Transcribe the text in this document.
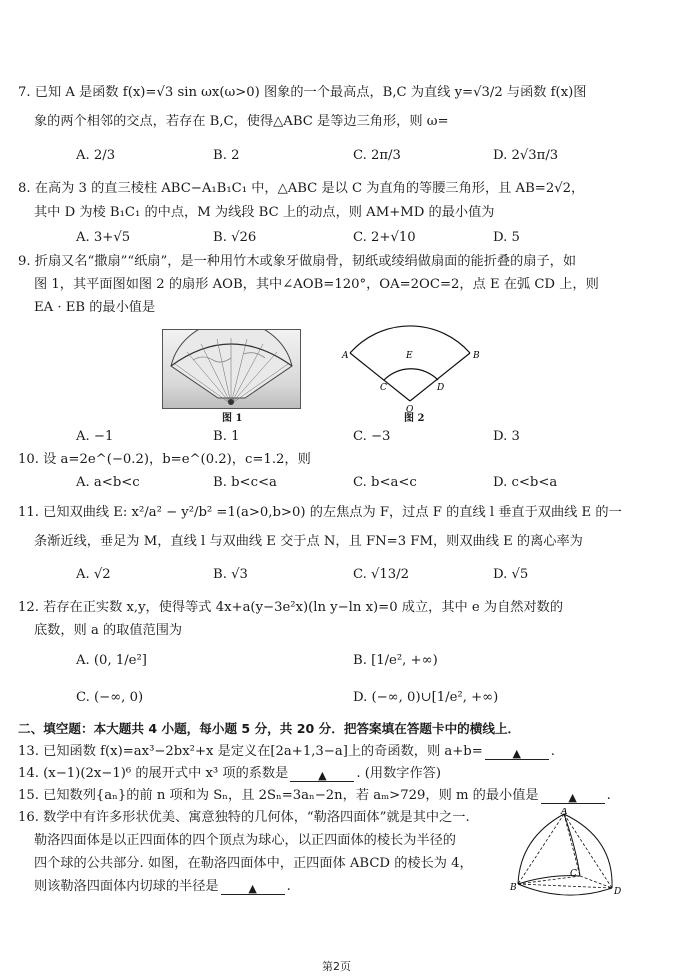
7. 已知 A 是函数 f(x)=√3 sin ωx(ω>0) 图象的一个最高点，B,C 为直线 y=√3/2 与函数 f(x)图
象的两个相邻的交点，若存在 B,C，使得△ABC 是等边三角形，则 ω=
A. 2/3	B. 2	C. 2π/3	D. 2√3π/3
8. 在高为 3 的直三棱柱 ABC−A₁B₁C₁ 中，△ABC 是以 C 为直角的等腰三角形，且 AB=2√2，
其中 D 为棱 B₁C₁ 的中点，M 为线段 BC 上的动点，则 AM+MD 的最小值为
A. 3+√5	B. √26	C. 2+√10	D. 5
9. 折扇又名“撒扇”“纸扇”，是一种用竹木或象牙做扇骨，韧纸或绫绢做扇面的能折叠的扇子，如
图 1，其平面图如图 2 的扇形 AOB，其中∠AOB=120°，OA=2OC=2，点 E 在弧 CD 上，则
EA · EB 的最小值是
图 1
A	B
C	D
E
O
图 2
A. −1	B. 1	C. −3	D. 3
10. 设 a=2e^(−0.2)，b=e^(0.2)，c=1.2，则
A. a<b<c	B. b<c<a	C. b<a<c	D. c<b<a
11. 已知双曲线 E: x²/a² − y²/b² =1(a>0,b>0) 的左焦点为 F，过点 F 的直线 l 垂直于双曲线 E 的一
条渐近线，垂足为 M，直线 l 与双曲线 E 交于点 N，且 FN=3 FM，则双曲线 E 的离心率为
A. √2	B. √3	C. √13/2	D. √5
12. 若存在正实数 x,y，使得等式 4x+a(y−3e²x)(ln y−ln x)=0 成立，其中 e 为自然对数的
底数，则 a 的取值范围为
A. (0, 1/e²]	B. [1/e², +∞)
C. (−∞, 0)	D. (−∞, 0)∪[1/e², +∞)
二、填空题：本大题共 4 小题，每小题 5 分，共 20 分．把答案填在答题卡中的横线上．
13. 已知函数 f(x)=ax³−2bx²+x 是定义在[2a+1,3−a]上的奇函数，则 a+b=	▲ .
14. (x−1)(2x−1)⁶ 的展开式中 x³ 项的系数是	▲ . (用数字作答)
15. 已知数列{aₙ}的前 n 项和为 Sₙ，且 2Sₙ=3aₙ−2n，若 aₘ>729，则 m 的最小值是	▲ .
16. 数学中有许多形状优美、寓意独特的几何体，“勒洛四面体”就是其中之一.
勒洛四面体是以正四面体的四个顶点为球心，以正四面体的棱长为半径的
四个球的公共部分. 如图，在勒洛四面体中，正四面体 ABCD 的棱长为 4，
则该勒洛四面体内切球的半径是	▲ .
A
B
C
D
第2页
